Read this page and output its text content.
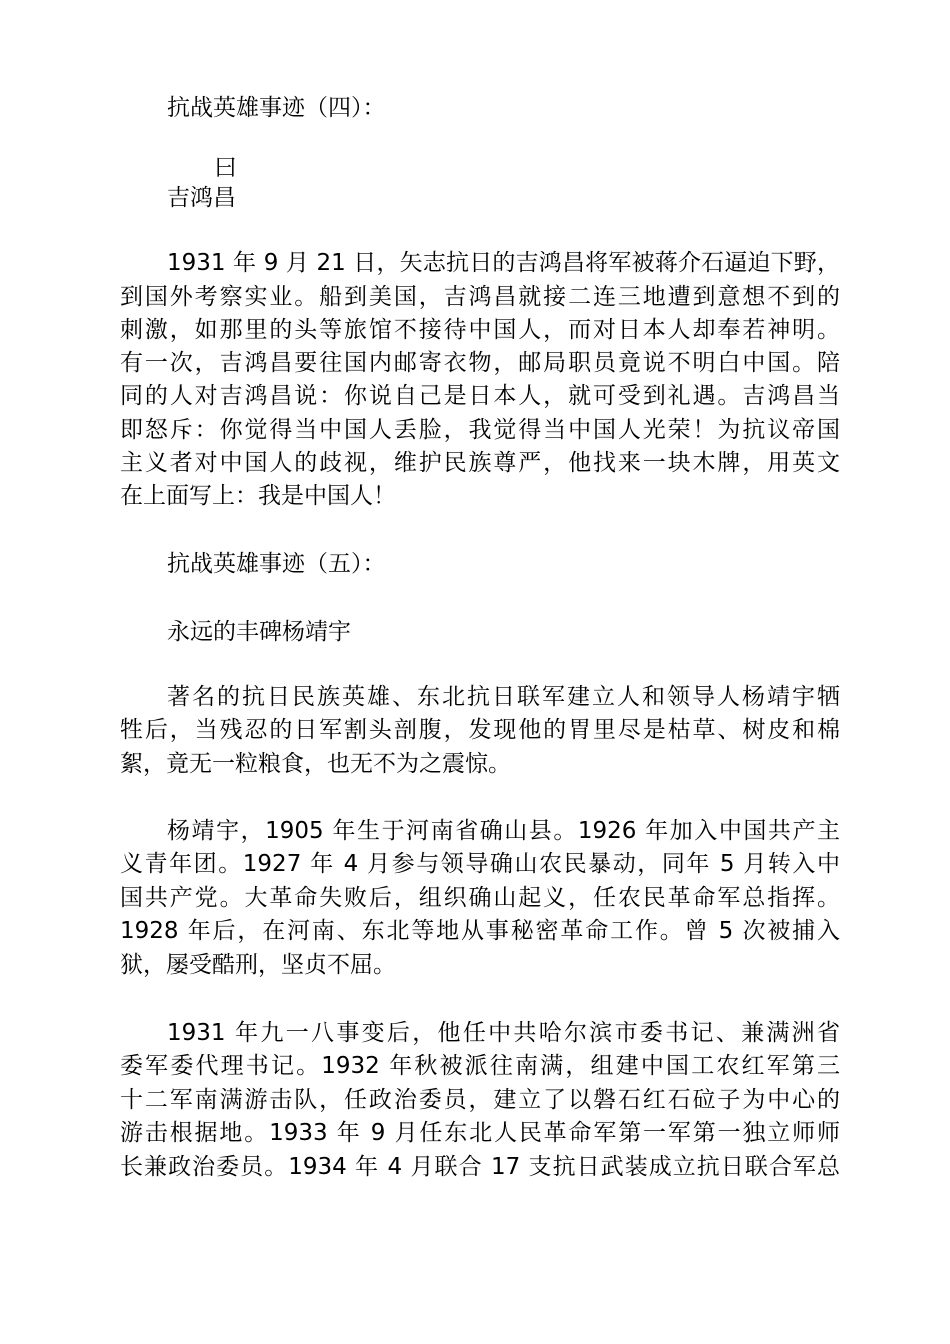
抗战英雄事迹（四）：
曰
吉鸿昌
1931 年 9 月 21 日，矢志抗日的吉鸿昌将军被蒋介石逼迫下野，
到国外考察实业。船到美国，吉鸿昌就接二连三地遭到意想不到的
刺激，如那里的头等旅馆不接待中国人，而对日本人却奉若神明。
有一次，吉鸿昌要往国内邮寄衣物，邮局职员竟说不明白中国。陪
同的人对吉鸿昌说：你说自己是日本人，就可受到礼遇。吉鸿昌当
即怒斥：你觉得当中国人丢脸，我觉得当中国人光荣！为抗议帝国
主义者对中国人的歧视，维护民族尊严，他找来一块木牌，用英文
在上面写上：我是中国人！
抗战英雄事迹（五）：
永远的丰碑杨靖宇
著名的抗日民族英雄、东北抗日联军建立人和领导人杨靖宇牺
牲后，当残忍的日军割头剖腹，发现他的胃里尽是枯草、树皮和棉
絮，竟无一粒粮食，也无不为之震惊。
杨靖宇，1905 年生于河南省确山县。1926 年加入中国共产主
义青年团。1927 年 4 月参与领导确山农民暴动，同年 5 月转入中
国共产党。大革命失败后，组织确山起义，任农民革命军总指挥。
1928 年后，在河南、东北等地从事秘密革命工作。曾 5 次被捕入
狱，屡受酷刑，坚贞不屈。
1931 年九一八事变后，他任中共哈尔滨市委书记、兼满洲省
委军委代理书记。1932 年秋被派往南满，组建中国工农红军第三
十二军南满游击队，任政治委员，建立了以磐石红石砬子为中心的
游击根据地。1933 年 9 月任东北人民革命军第一军第一独立师师
长兼政治委员。1934 年 4 月联合 17 支抗日武装成立抗日联合军总
